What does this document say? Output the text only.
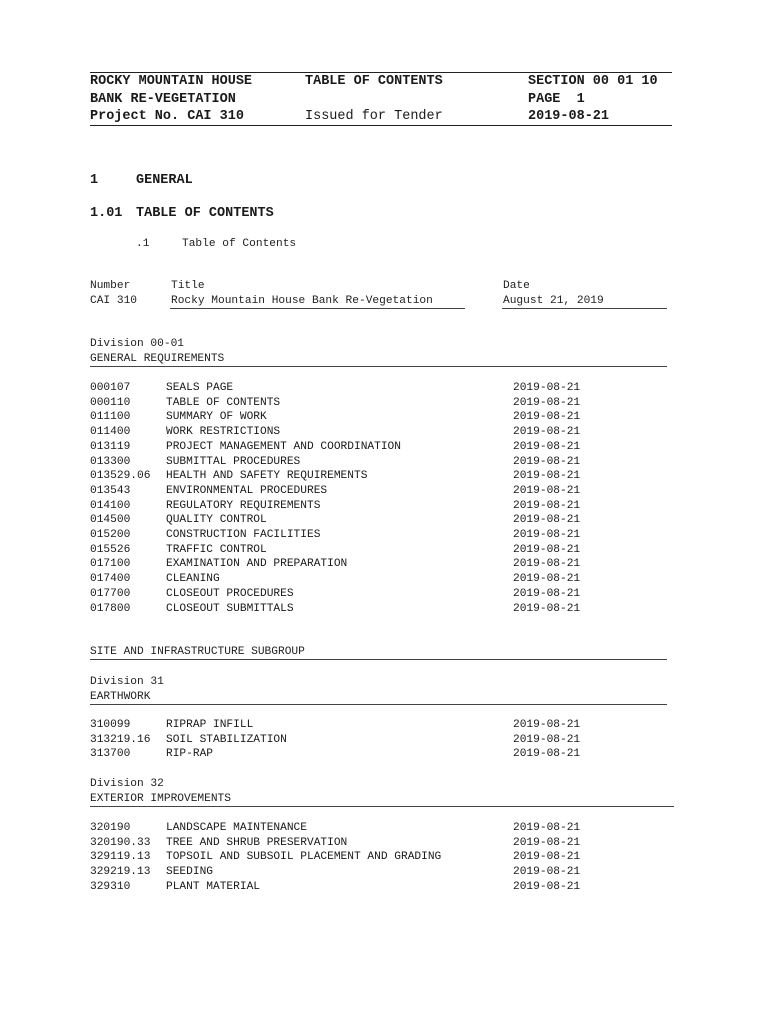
ROCKY MOUNTAIN HOUSE
BANK RE-VEGETATION
Project No. CAI 310
TABLE OF CONTENTS
Issued for Tender
SECTION 00 01 10
PAGE  1
2019-08-21
1	GENERAL
1.01 TABLE OF CONTENTS
.1	Table of Contents
Number	Title	Date
CAI 310	Rocky Mountain House Bank Re-Vegetation	August 21, 2019
Division 00-01
GENERAL REQUIREMENTS
000107	SEALS PAGE	2019-08-21
000110	TABLE OF CONTENTS	2019-08-21
011100	SUMMARY OF WORK	2019-08-21
011400	WORK RESTRICTIONS	2019-08-21
013119	PROJECT MANAGEMENT AND COORDINATION	2019-08-21
013300	SUBMITTAL PROCEDURES	2019-08-21
013529.06 HEALTH AND SAFETY REQUIREMENTS	2019-08-21
013543	ENVIRONMENTAL PROCEDURES	2019-08-21
014100	REGULATORY REQUIREMENTS	2019-08-21
014500	QUALITY CONTROL	2019-08-21
015200	CONSTRUCTION FACILITIES	2019-08-21
015526	TRAFFIC CONTROL	2019-08-21
017100	EXAMINATION AND PREPARATION	2019-08-21
017400	CLEANING	2019-08-21
017700	CLOSEOUT PROCEDURES	2019-08-21
017800	CLOSEOUT SUBMITTALS	2019-08-21
SITE AND INFRASTRUCTURE SUBGROUP
Division 31
EARTHWORK
310099	RIPRAP INFILL	2019-08-21
313219.16 SOIL STABILIZATION	2019-08-21
313700	RIP-RAP	2019-08-21
Division 32
EXTERIOR IMPROVEMENTS
320190	LANDSCAPE MAINTENANCE	2019-08-21
320190.33 TREE AND SHRUB PRESERVATION	2019-08-21
329119.13 TOPSOIL AND SUBSOIL PLACEMENT AND GRADING	2019-08-21
329219.13 SEEDING	2019-08-21
329310	PLANT MATERIAL	2019-08-21
